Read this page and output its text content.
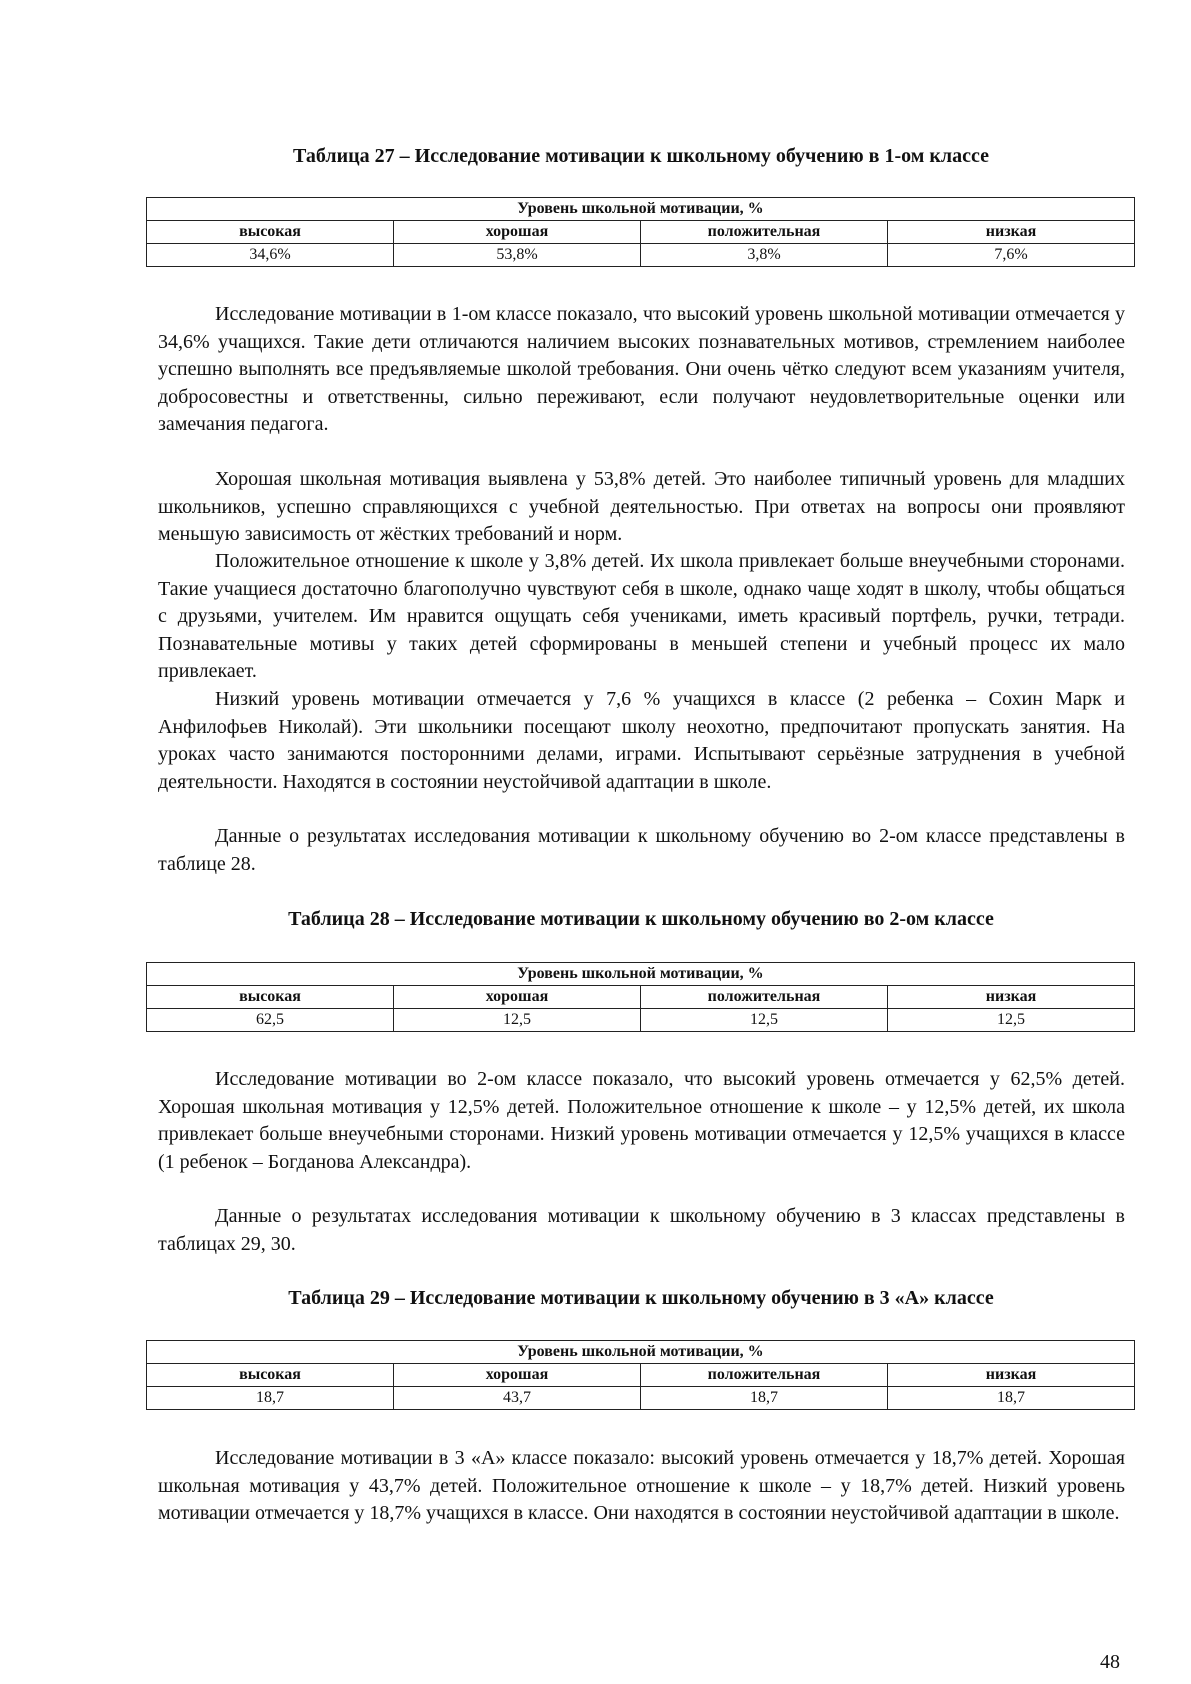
Таблица 27 – Исследование мотивации к школьному обучению в 1-ом классе
Уровень школьной мотивации, %			
высокая	хорошая	положительная	низкая
34,6%	53,8%	3,8%	7,6%

Исследование мотивации в 1-ом классе показало, что высокий уровень школьной мотивации отмечается у 34,6% учащихся. Такие дети отличаются наличием высоких познавательных мотивов, стремлением наиболее успешно выполнять все предъявляемые школой требования. Они очень чётко следуют всем указаниям учителя, добросовестны и ответственны, сильно переживают, если получают неудовлетворительные оценки или замечания педагога.

Хорошая школьная мотивация выявлена у 53,8% детей. Это наиболее типичный уровень для младших школьников, успешно справляющихся с учебной деятельностью. При ответах на вопросы они проявляют меньшую зависимость от жёстких требований и норм.

Положительное отношение к школе у 3,8% детей. Их школа привлекает больше внеучебными сторонами. Такие учащиеся достаточно благополучно чувствуют себя в школе, однако чаще ходят в школу, чтобы общаться с друзьями, учителем. Им нравится ощущать себя учениками, иметь красивый портфель, ручки, тетради. Познавательные мотивы у таких детей сформированы в меньшей степени и учебный процесс их мало привлекает.

Низкий уровень мотивации отмечается у 7,6 % учащихся в классе (2 ребенка – Сохин Марк и Анфилофьев Николай). Эти школьники посещают школу неохотно, предпочитают пропускать занятия. На уроках часто занимаются посторонними делами, играми. Испытывают серьёзные затруднения в учебной деятельности. Находятся в состоянии неустойчивой адаптации в школе.

Данные о результатах исследования мотивации к школьному обучению во 2-ом классе представлены в таблице 28.

Таблица 28 – Исследование мотивации к школьному обучению во 2-ом классе
Уровень школьной мотивации, %			
высокая	хорошая	положительная	низкая
62,5	12,5	12,5	12,5

Исследование мотивации во 2-ом классе показало, что высокий уровень отмечается у 62,5% детей. Хорошая школьная мотивация у 12,5% детей. Положительное отношение к школе – у 12,5% детей, их школа привлекает больше внеучебными сторонами. Низкий уровень мотивации отмечается у 12,5% учащихся в классе (1 ребенок – Богданова Александра).

Данные о результатах исследования мотивации к школьному обучению в 3 классах представлены в таблицах 29, 30.

Таблица 29 – Исследование мотивации к школьному обучению в 3 «А» классе
Уровень школьной мотивации, %			
высокая	хорошая	положительная	низкая
18,7	43,7	18,7	18,7

Исследование мотивации в 3 «А» классе показало: высокий уровень отмечается у 18,7% детей. Хорошая школьная мотивация у 43,7% детей. Положительное отношение к школе – у 18,7% детей. Низкий уровень мотивации отмечается у 18,7% учащихся в классе. Они находятся в состоянии неустойчивой адаптации в школе.

48
